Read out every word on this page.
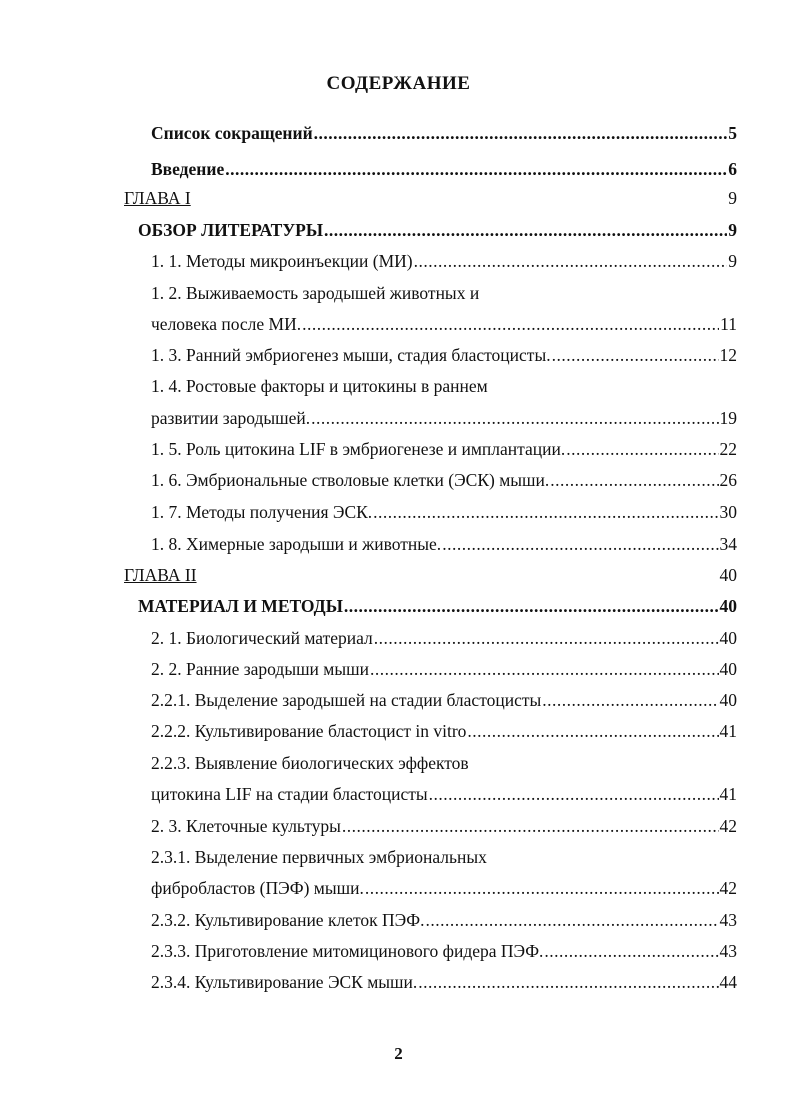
СОДЕРЖАНИЕ
Список сокращений .....	5
Введение .....	6
ГЛАВА I	9
ОБЗОР ЛИТЕРАТУРЫ .....	9
1. 1. Методы микроинъекции (МИ) .....	9
1. 2. Выживаемость зародышей животных и
человека после МИ. .....	11
1. 3. Ранний эмбриогенез мыши, стадия бластоцисты. .....	12
1. 4. Ростовые факторы и цитокины в раннем
развитии зародышей. .....	19
1. 5. Роль цитокина LIF в эмбриогенезе и имплантации. .....	22
1. 6. Эмбриональные стволовые клетки (ЭСК) мыши. .....	26
1. 7. Методы получения ЭСК. .....	30
1. 8. Химерные зародыши и животные. .....	34
ГЛАВА II	40
МАТЕРИАЛ И МЕТОДЫ .....	40
2. 1. Биологический материал .....	40
2. 2. Ранние зародыши мыши .....	40
2.2.1. Выделение зародышей на стадии бластоцисты .....	40
2.2.2. Культивирование бластоцист in vitro .....	41
2.2.3. Выявление биологических эффектов
цитокина LIF на стадии бластоцисты .....	41
2. 3. Клеточные культуры .....	42
2.3.1. Выделение первичных эмбриональных
фибробластов (ПЭФ) мыши. .....	42
2.3.2. Культивирование клеток ПЭФ. .....	43
2.3.3. Приготовление митомицинового фидера ПЭФ. .....	43
2.3.4. Культивирование ЭСК мыши. .....	44
2
